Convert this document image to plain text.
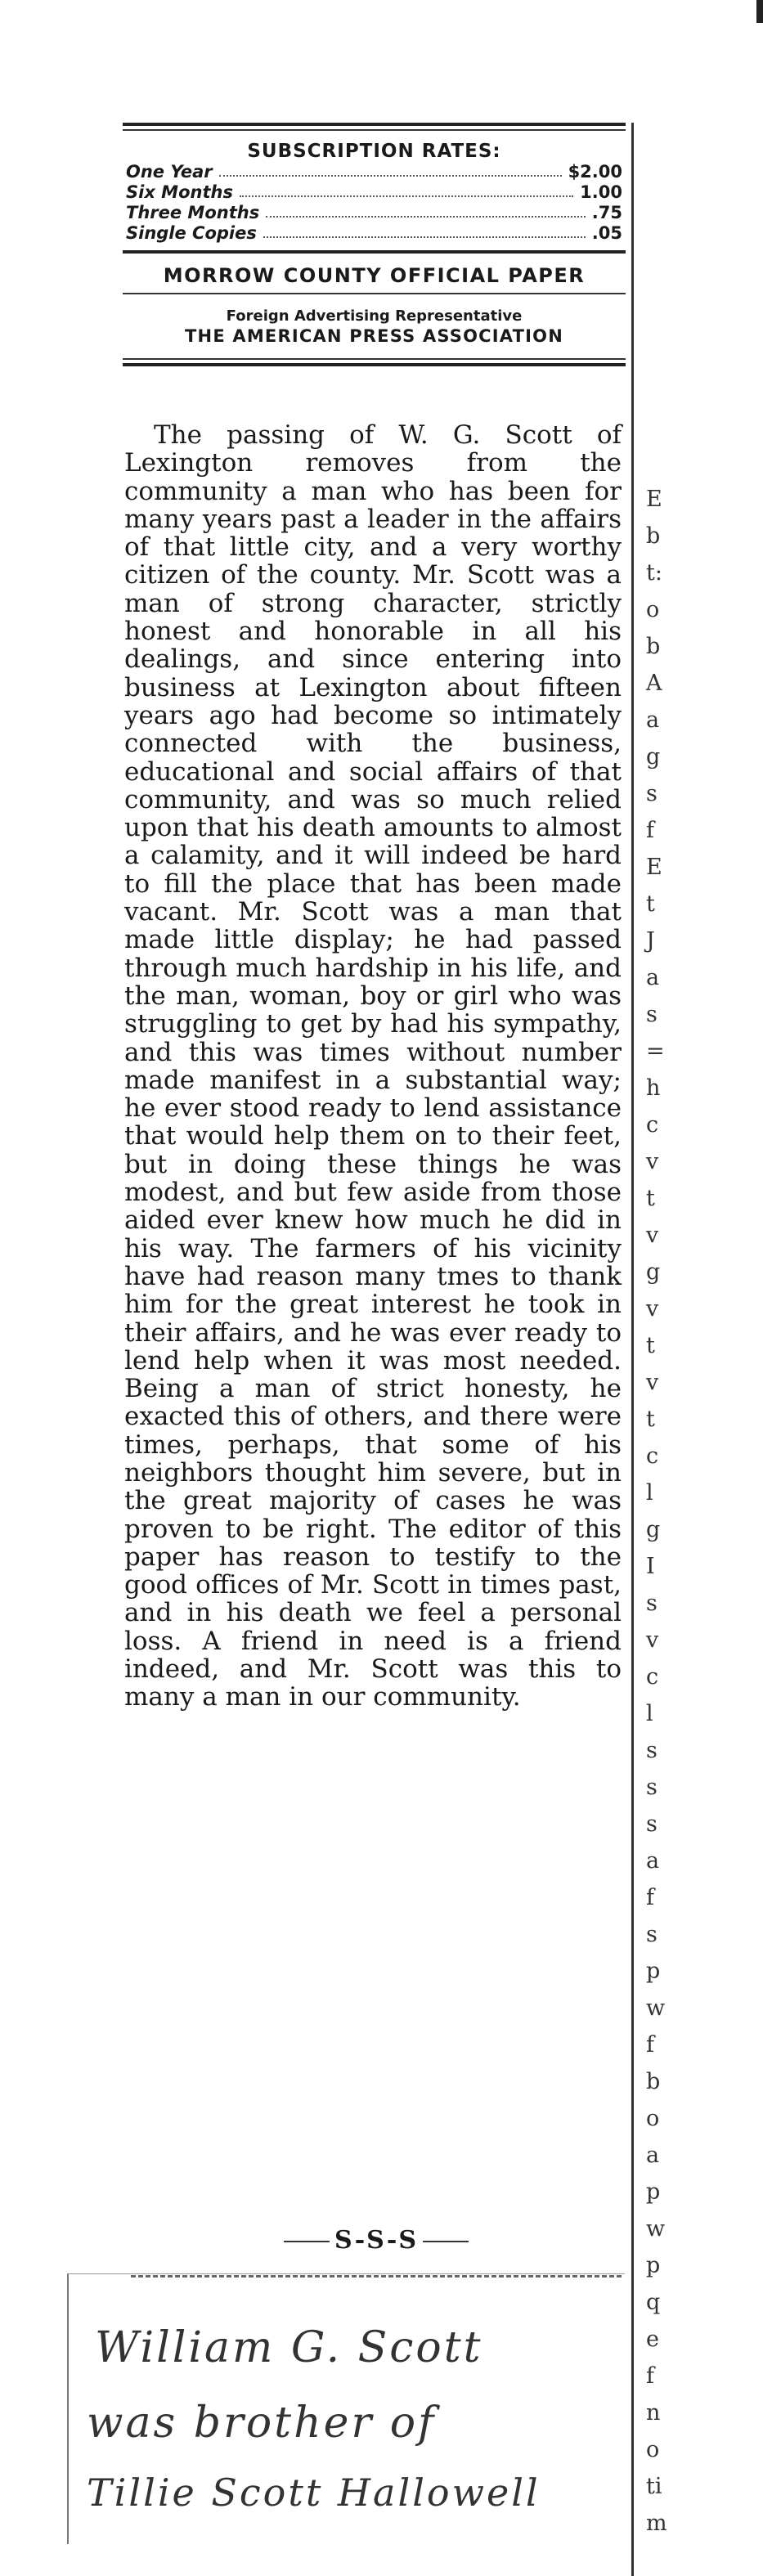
SUBSCRIPTION RATES:
One Year	$2.00
Six Months	1.00
Three Months	.75
Single Copies	.05
MORROW COUNTY OFFICIAL PAPER
Foreign Advertising Representative
THE AMERICAN PRESS ASSOCIATION

The passing of W. G. Scott of Lexington removes from the community a man who has been for many years past a leader in the affairs of that little city, and a very worthy citizen of the county. Mr. Scott was a man of strong character, strictly honest and honorable in all his dealings, and since entering into business at Lexington about fifteen years ago had become so intimately connected with the business, educational and social affairs of that community, and was so much relied upon that his death amounts to almost a calamity, and it will indeed be hard to fill the place that has been made vacant. Mr. Scott was a man that made little display; he had passed through much hardship in his life, and the man, woman, boy or girl who was struggling to get by had his sympathy, and this was times without number made manifest in a substantial way; he ever stood ready to lend assistance that would help them on to their feet, but in doing these things he was modest, and but few aside from those aided ever knew how much he did in his way. The farmers of his vicinity have had reason many tmes to thank him for the great interest he took in their affairs, and he was ever ready to lend help when it was most needed. Being a man of strict honesty, he exacted this of others, and there were times, perhaps, that some of his neighbors thought him severe, but in the great majority of cases he was proven to be right. The editor of this paper has reason to testify to the good offices of Mr. Scott in times past, and in his death we feel a personal loss. A friend in need is a friend indeed, and Mr. Scott was this to many a man in our community.

S-S-S
William G. Scott
was brother of
Tillie Scott Hallowell
E
b
t:
o
b
A
a
g
s
f
E
t
J
a
s
=
h
c
v
t
v
g
v
t
v
t
c
l
g
I
s
v
c
l
s
s
s
a
f
s
p
w
f
b
o
a
p
w
p
q
e
f
n
o
ti
m
